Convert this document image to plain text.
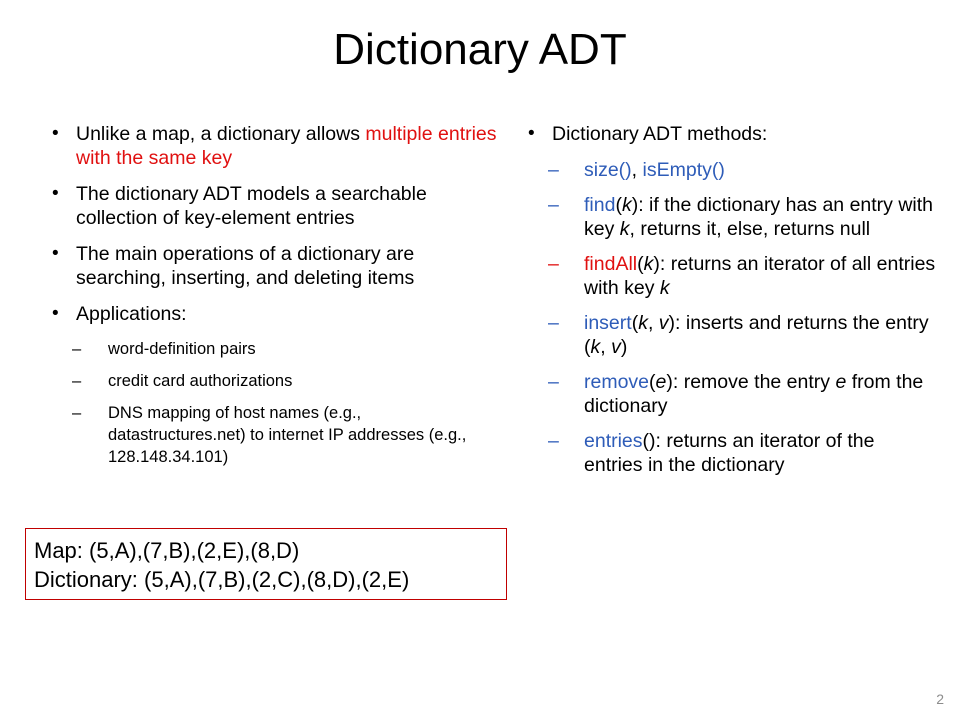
Dictionary ADT
• Unlike a map, a dictionary allows multiple entries with the same key
• The dictionary ADT models a searchable collection of key-element entries
• The main operations of a dictionary are searching, inserting, and deleting items
• Applications:
– word-definition pairs
– credit card authorizations
– DNS mapping of host names (e.g., datastructures.net) to internet IP addresses (e.g., 128.148.34.101)
• Dictionary ADT methods:
– size(), isEmpty()
– find(k): if the dictionary has an entry with key k, returns it, else, returns null
– findAll(k): returns an iterator of all entries with key k
– insert(k, v): inserts and returns the entry (k, v)
– remove(e): remove the entry e from the dictionary
– entries(): returns an iterator of the entries in the dictionary
Map: (5,A),(7,B),(2,E),(8,D)
Dictionary: (5,A),(7,B),(2,C),(8,D),(2,E)
2
